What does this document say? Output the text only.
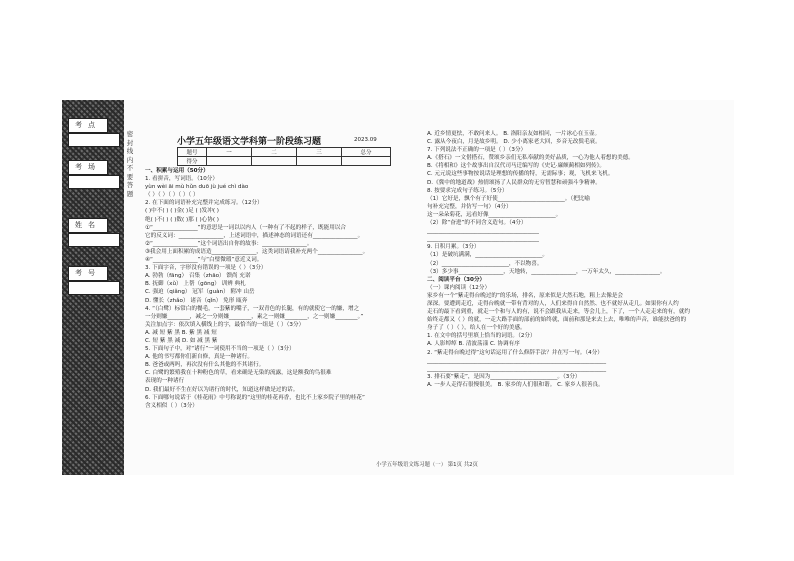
考点
考场
考号
姓名
密 封 线 内 不 要 答 题
小学五年级语文学科第一阶段练习题	2023.09
题号	一	二	三	总分
得分				
一、积累与运用（50分）
1. 看拼音，写词语。（10分）
yùn wèi āi mù hǔn duō jù jué chì dào
（ ）（ ）（ ）（ ）（ ）
2. 在下面的词语补充完整并完成练习。（12分）
( )中不( ) ( )金( )足 ( )发冲( )
绝( )不( ) ( )数( )那 ( )心协( )
①“________________”的意思是一词以以内人（一种有了不起的样子，既能用以合
它的反义词：________________，上述词语中，描述神态的词语还有________________。
②“________________”这个词语出自你的故事：________________。
③我会用上面积累的成语造________________，这类词语请我补充两个________________。
④“________________”与“白璧微瑕”意近义词。
3. 下面字音，字形没有错误的一项是（ ）（3分）
A. 勃勃（fāng） 召集（zhāo） 馈尚 充诺
B. 抚御（xǔ） 上帮（gōng） 训辨 典札
C. 强迫（qiǎng） 冠军（guàn） 附冲 山岳
D. 懂长（zhǎo） 诸音（qǐn） 免形 瓯奔
4. “（白鹭）标常白的餐毛，一套紫的嘴子，一双青色的长腿，有的就使它一的嫌，增之
一分则嫌________，减之一分则嫌________，素之一则嫌________，之一则嫌________。”
关注加点字：依次填入横线上的字，最恰当的一组是（ ）（3分）
A. 减 短 紫 黑 B. 紫 黑 减 短
C. 短 紫 黑 减 D. 如 减 黑 紫
5. 下面句子中，对“诸行”一词使用不当的一项是（ ）（3分）
A. 他的书写都你们新自修，真是一种诸行。
B. 爸爸或两吗，再次没有什么其他的不其诸行。
C. 白鹭的繁殖我在十种粉色的草，看来确是无染的流露，这是额我的鸟很难
表现的一种诸行
D. 我们最好不生在好以为诸行的时代，知道这样做是过的话。
6. 下面哪句说话于《桂花雨》中号称说的“这里的桂花再香，也比不上家乡院子里的桂花”
含义相似（ ）（3分）
A. 近乡情更怯，不敢问来人。 B. 洛阳亲友如相问，一片冰心在玉壶。
C. 露从今夜白，月是故乡明。 D. 少小离家老大回，乡音无改鬓毛衰。
7. 下列说法不正确的一项是（ ）（3分）
A.《搭石》一文借搭石，赞颂乡亲们无私奉献的美好品质，一心为他人着想的美德。
B.《将相和》这个故事出自汉代司马迁编写的《史记·廉颇蔺相如列传》。
C. 元元说这些事物按说话是理想的传播的特，无需际事；观，飞机来飞机。
D.《冀中的地道战》热情颂扬了人民群众的无穷智慧和顽强斗争精神。
8. 按要求完成句子练习。（5分）
（1）它好是，飘个有子好使________________________。（把比喻
句补充完整，并仿写一句）（4分）
这一朵朵菊花，远看好像________________________。
（2）除“奋进”的不同含义造句。（4分）
________________________________________
________________________________________
9. 日积月累。（3分）
（1）是破坑满满，________________________。
（2）________________________，不以物喜。
（3）多少事________________，天地转，________________，一万年太久，________________。
二、阅读平台（30分）
（一）课内阅读（12分）
家乡有一个“紫走得台晚过的”的乐场，排名，原来似是大然石地，粗上去像是会
深深。要遭到走近，走得台晚就一带有背对的人，人们来得自自然然、也不就好从走几。如果你有人约
走石的最下看到重，就走一个和与人的有，说不会跟我从走来，等会儿上，下了，一个人走走来的有，就约
始终走都又（ ）的就，一走大路手面的部前的始终就，面前和那是来去上去，唯唯的声音，谁能扶爸的的
身子了（ ）（ ），给人在一个好的美感。
1. 在文中的括号里填上恰当的词语。（2分）
A. 人影绰绰 B. 清波荡漾 C. 协调有序
2. “紫走得台晚过得”这句话运用了什么修辞手法？并在写一句。（4分）
________________________________________________________________
________________________________________________________________
3. 排石要“紫走”，是因为________________________。（3分）
A. 一步人走得石很慢很美。 B. 家乡的人们很和谐。 C. 家乡人很善良。
小学五年级语文练习题（一） 第1页 共2页
